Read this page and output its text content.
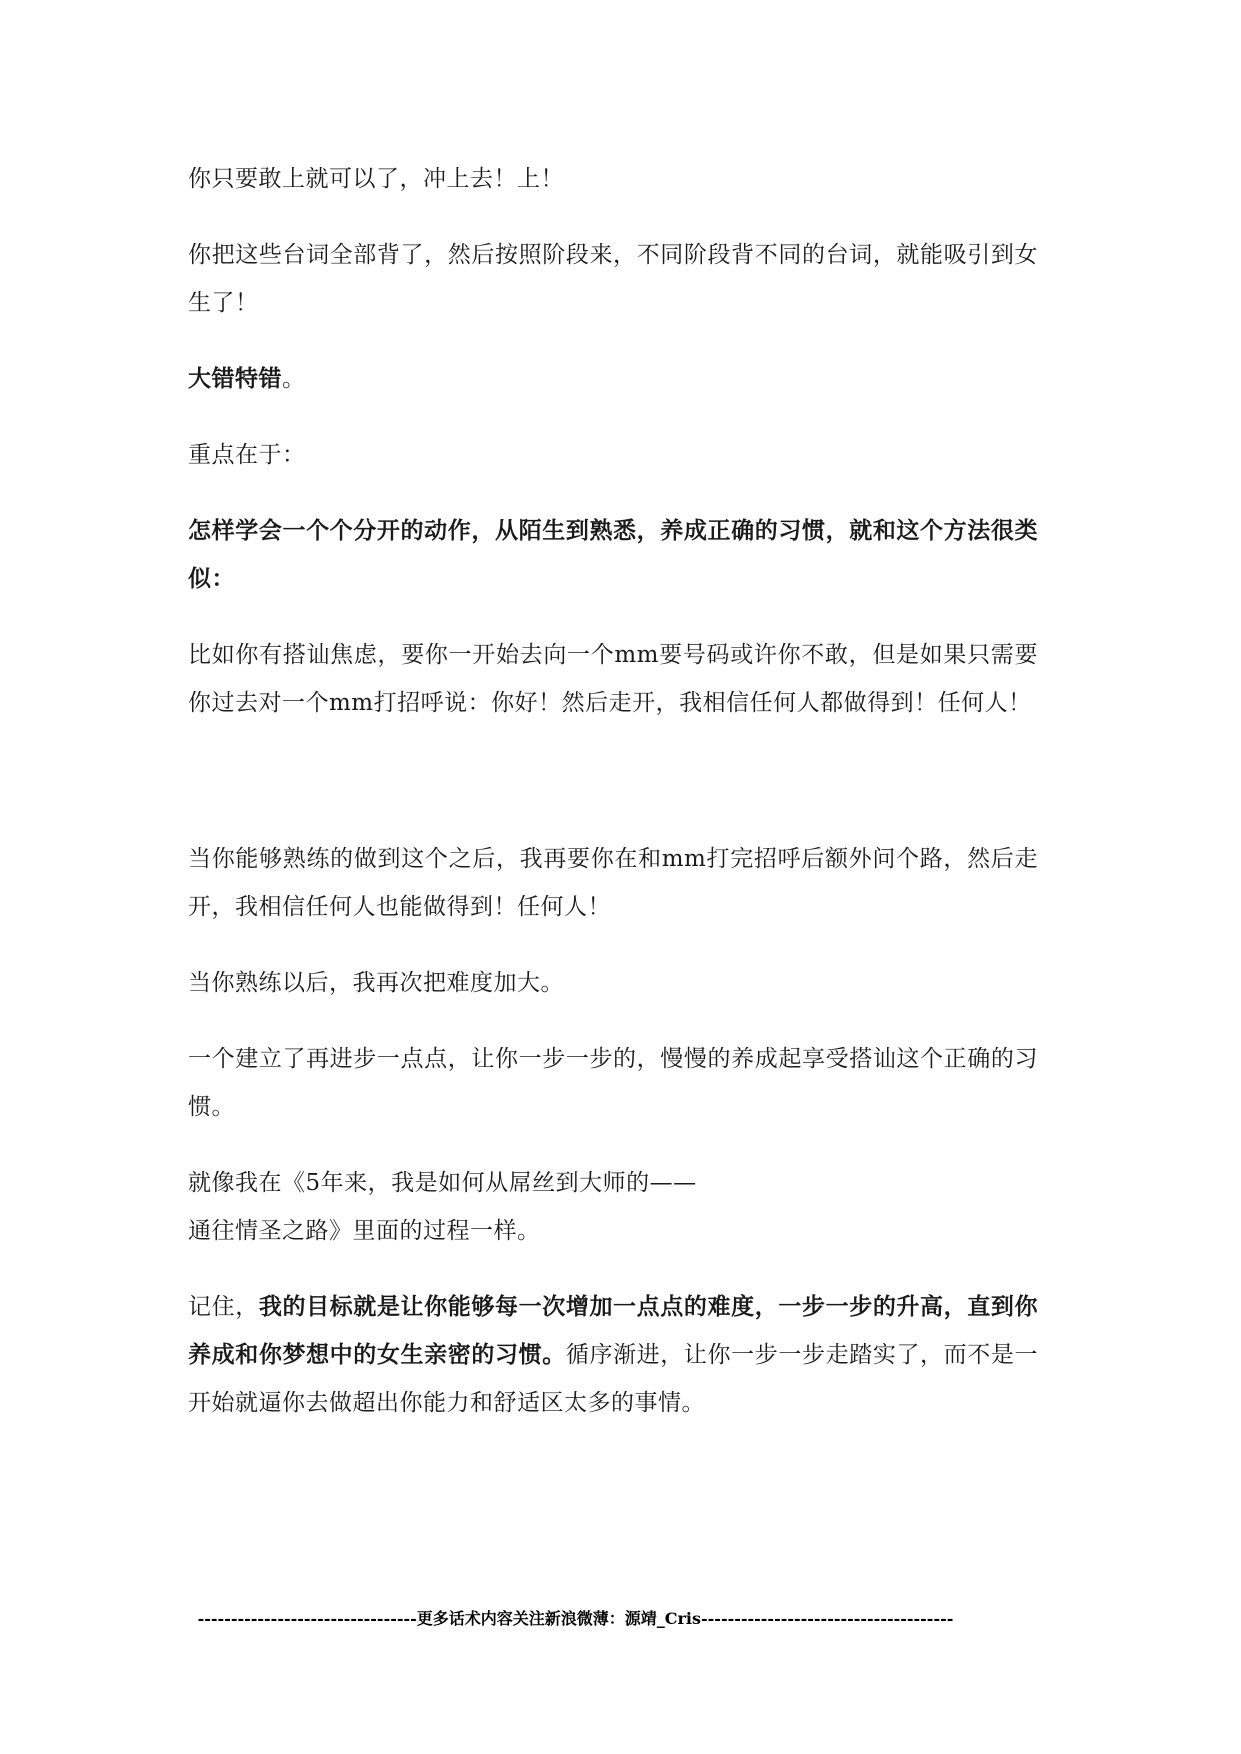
你只要敢上就可以了，冲上去！上！

你把这些台词全部背了，然后按照阶段来，不同阶段背不同的台词，就能吸引到女生了！

大错特错。

重点在于：

怎样学会一个个分开的动作，从陌生到熟悉，养成正确的习惯，就和这个方法很类似：

比如你有搭讪焦虑，要你一开始去向一个mm要号码或许你不敢，但是如果只需要你过去对一个mm打招呼说：你好！然后走开，我相信任何人都做得到！任何人！

当你能够熟练的做到这个之后，我再要你在和mm打完招呼后额外问个路，然后走开，我相信任何人也能做得到！任何人！

当你熟练以后，我再次把难度加大。

一个建立了再进步一点点，让你一步一步的，慢慢的养成起享受搭讪这个正确的习惯。

就像我在《5年来，我是如何从屌丝到大师的——
通往情圣之路》里面的过程一样。

记住，我的目标就是让你能够每一次增加一点点的难度，一步一步的升高，直到你养成和你梦想中的女生亲密的习惯。循序渐进，让你一步一步走踏实了，而不是一开始就逼你去做超出你能力和舒适区太多的事情。

---------------------------------更多话术内容关注新浪微薄：源靖_Cris--------------------------------------
